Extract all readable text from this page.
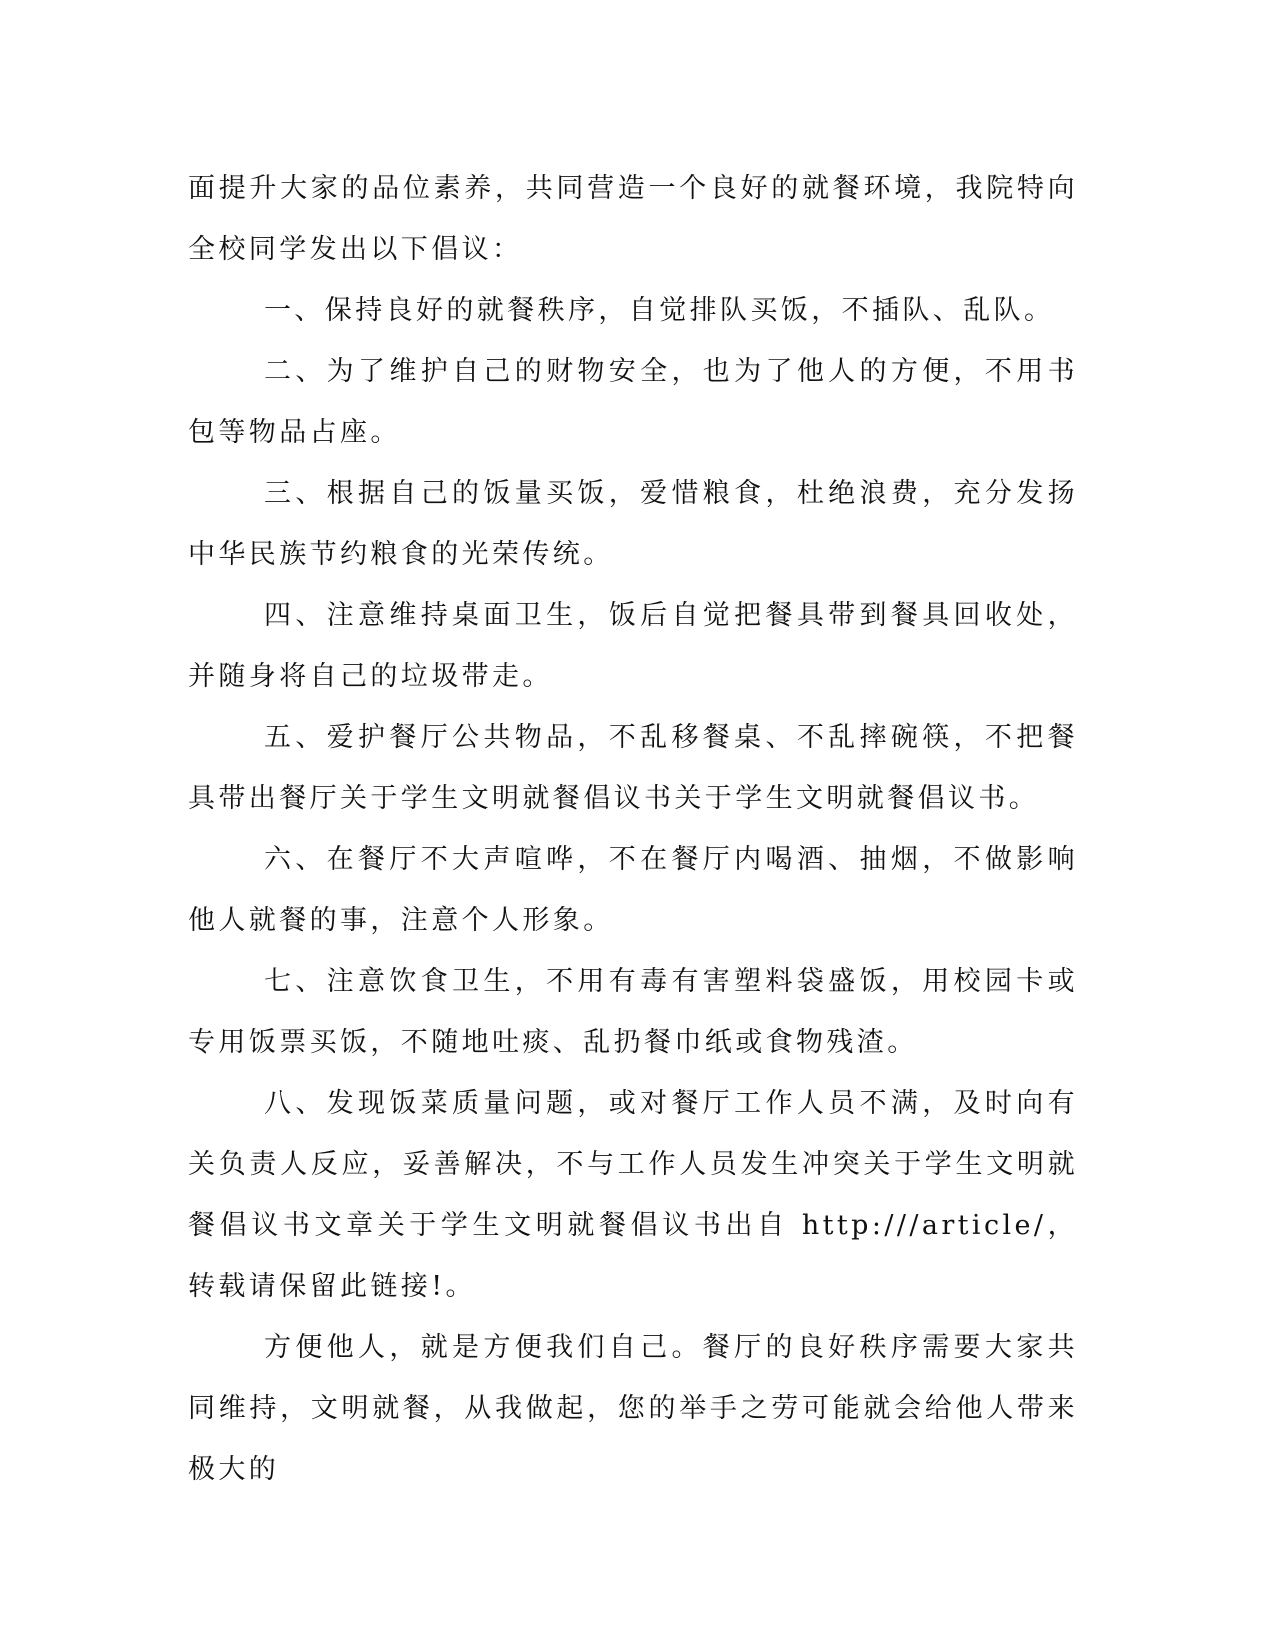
面提升大家的品位素养，共同营造一个良好的就餐环境，我院特向全校同学发出以下倡议：

一、保持良好的就餐秩序，自觉排队买饭，不插队、乱队。

二、为了维护自己的财物安全，也为了他人的方便，不用书包等物品占座。

三、根据自己的饭量买饭，爱惜粮食，杜绝浪费，充分发扬中华民族节约粮食的光荣传统。

四、注意维持桌面卫生，饭后自觉把餐具带到餐具回收处，并随身将自己的垃圾带走。

五、爱护餐厅公共物品，不乱移餐桌、不乱摔碗筷，不把餐具带出餐厅关于学生文明就餐倡议书关于学生文明就餐倡议书。

六、在餐厅不大声喧哗，不在餐厅内喝酒、抽烟，不做影响他人就餐的事，注意个人形象。

七、注意饮食卫生，不用有毒有害塑料袋盛饭，用校园卡或专用饭票买饭，不随地吐痰、乱扔餐巾纸或食物残渣。

八、发现饭菜质量问题，或对餐厅工作人员不满，及时向有关负责人反应，妥善解决，不与工作人员发生冲突关于学生文明就餐倡议书文章关于学生文明就餐倡议书出自 http:///article/，转载请保留此链接!。

方便他人，就是方便我们自己。餐厅的良好秩序需要大家共同维持，文明就餐，从我做起，您的举手之劳可能就会给他人带来极大的
